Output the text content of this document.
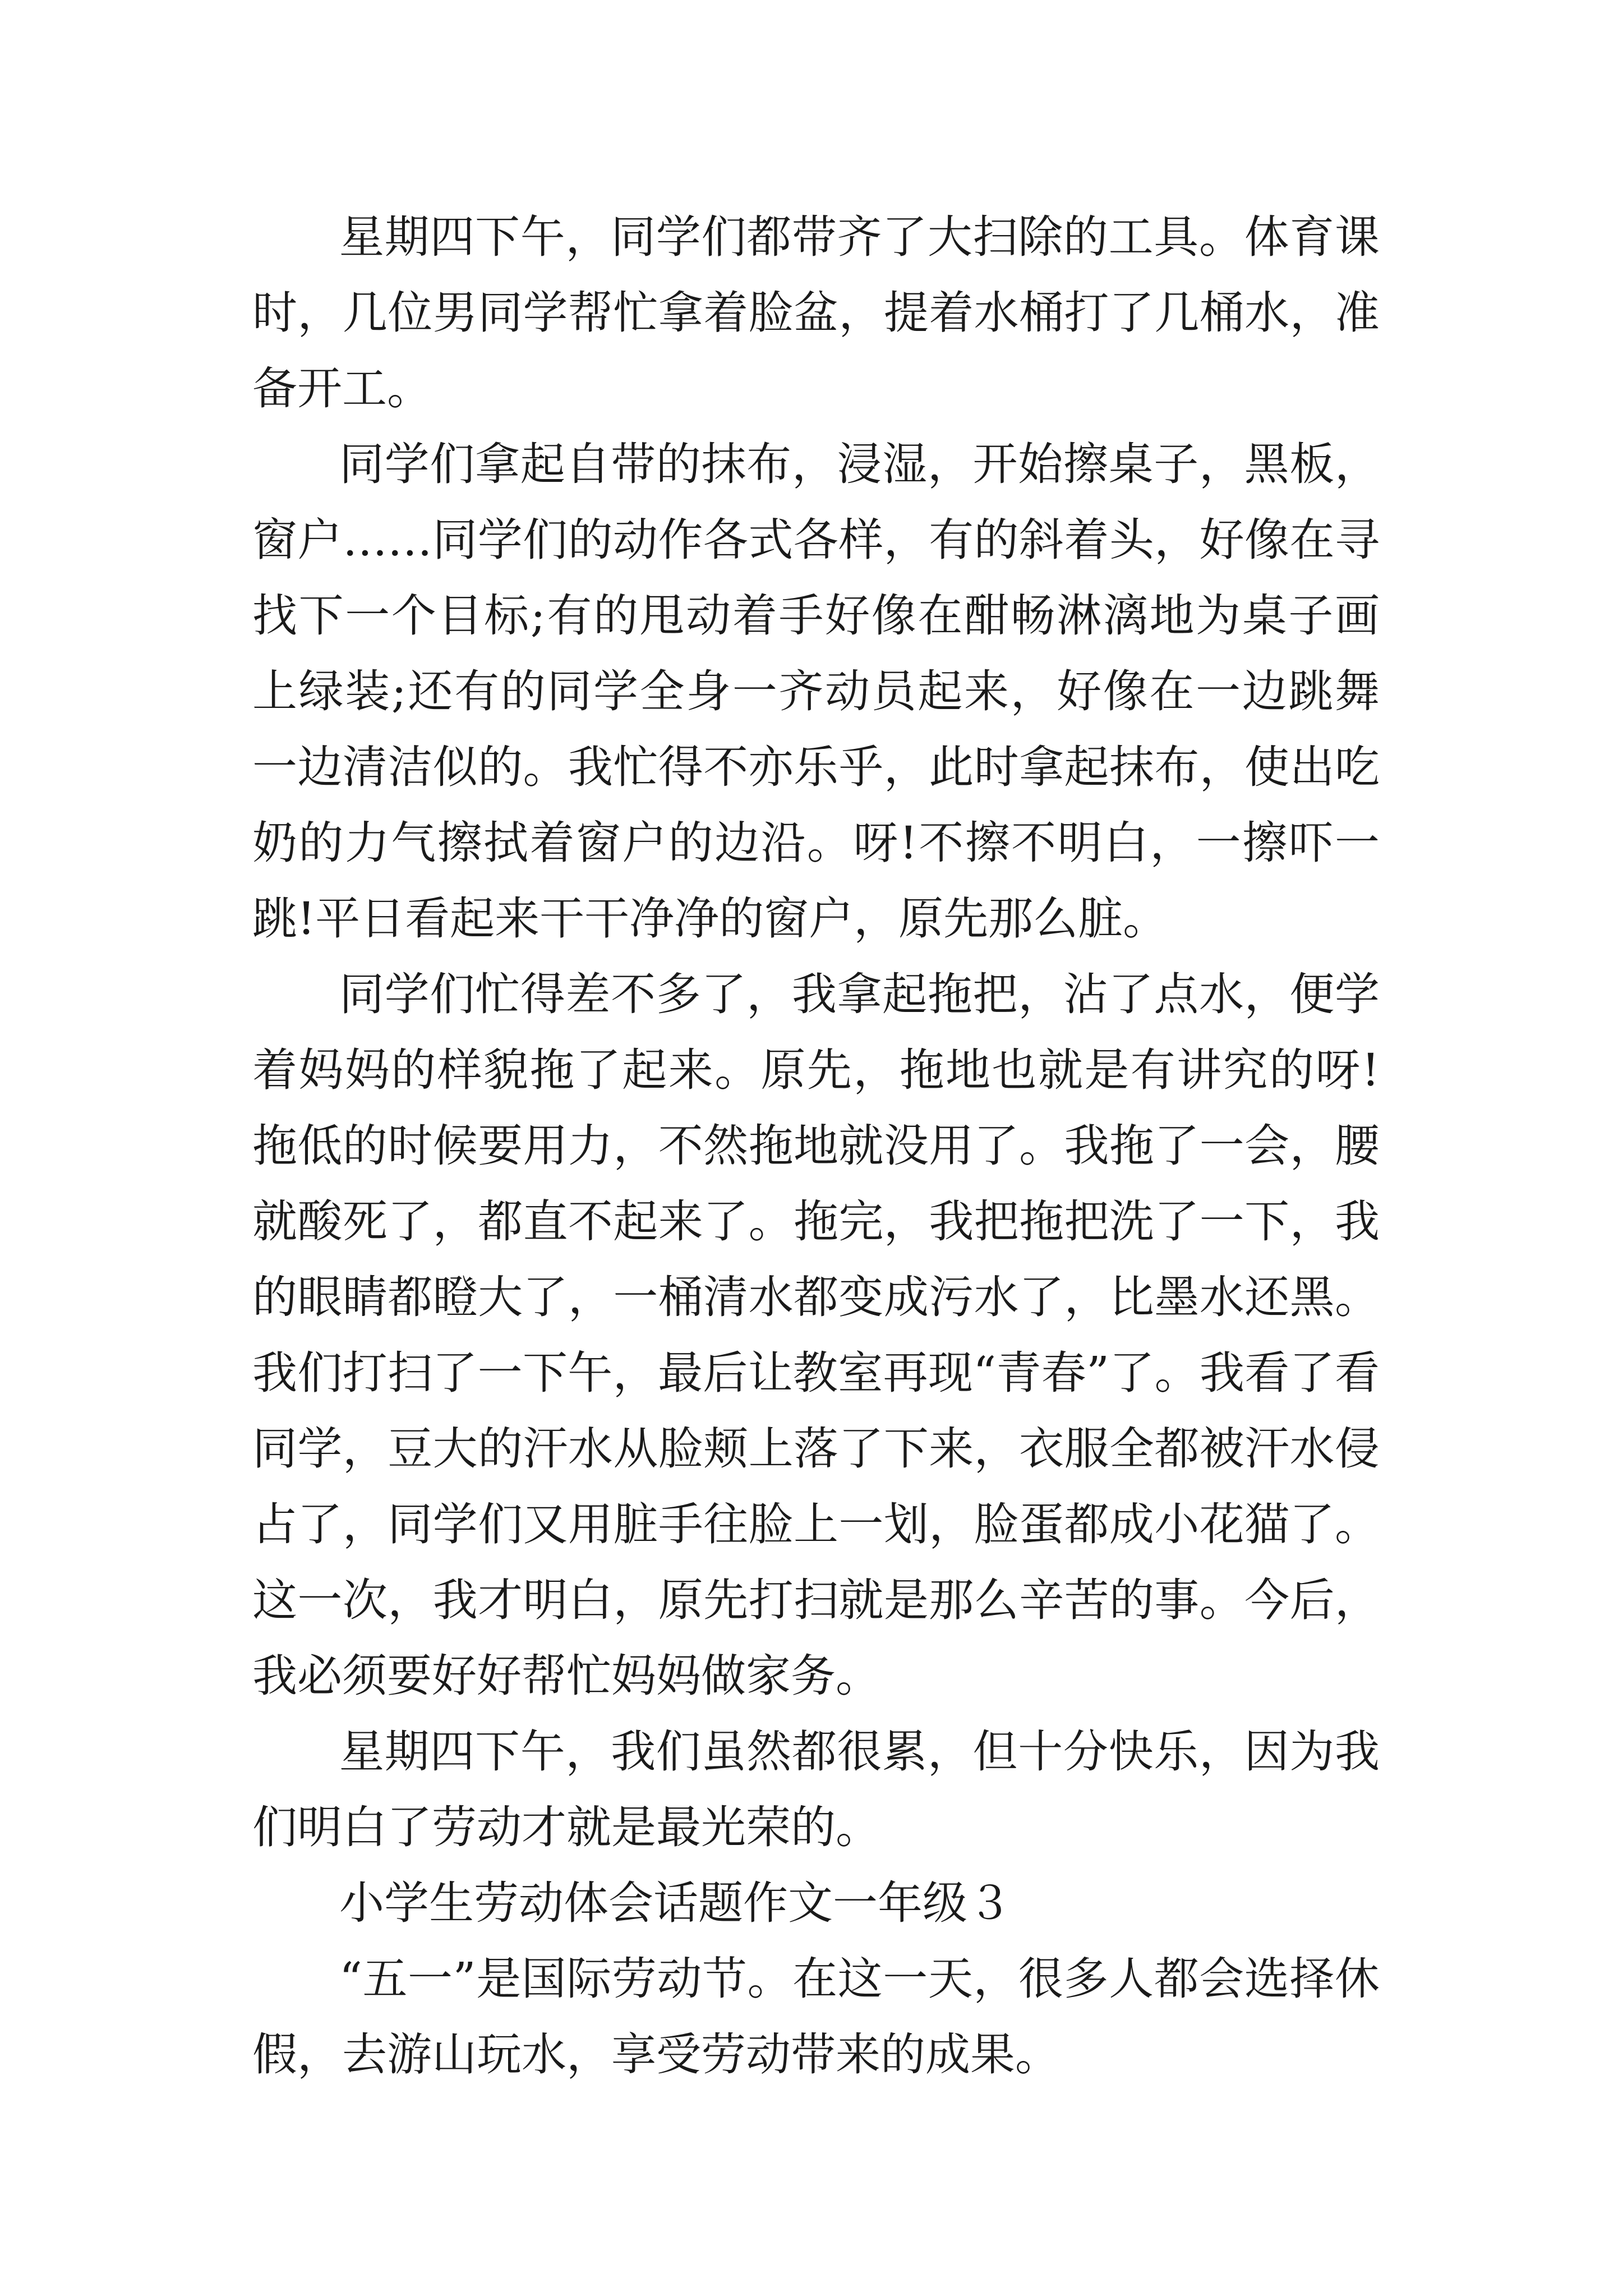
星期四下午，同学们都带齐了大扫除的工具。体育课时，几位男同学帮忙拿着脸盆，提着水桶打了几桶水，准备开工。

同学们拿起自带的抹布，浸湿，开始擦桌子，黑板，窗户……同学们的动作各式各样，有的斜着头，好像在寻找下一个目标;有的甩动着手好像在酣畅淋漓地为桌子画上绿装;还有的同学全身一齐动员起来，好像在一边跳舞一边清洁似的。我忙得不亦乐乎，此时拿起抹布，使出吃奶的力气擦拭着窗户的边沿。呀!不擦不明白，一擦吓一跳!平日看起来干干净净的窗户，原先那么脏。

同学们忙得差不多了，我拿起拖把，沾了点水，便学着妈妈的样貌拖了起来。原先，拖地也就是有讲究的呀!拖低的时候要用力，不然拖地就没用了。我拖了一会，腰就酸死了，都直不起来了。拖完，我把拖把洗了一下，我的眼睛都瞪大了，一桶清水都变成污水了，比墨水还黑。我们打扫了一下午，最后让教室再现“青春”了。我看了看同学，豆大的汗水从脸颊上落了下来，衣服全都被汗水侵占了，同学们又用脏手往脸上一划，脸蛋都成小花猫了。这一次，我才明白，原先打扫就是那么辛苦的事。今后，我必须要好好帮忙妈妈做家务。

星期四下午，我们虽然都很累，但十分快乐，因为我们明白了劳动才就是最光荣的。

小学生劳动体会话题作文一年级３

“五一”是国际劳动节。在这一天，很多人都会选择休假，去游山玩水，享受劳动带来的成果。
